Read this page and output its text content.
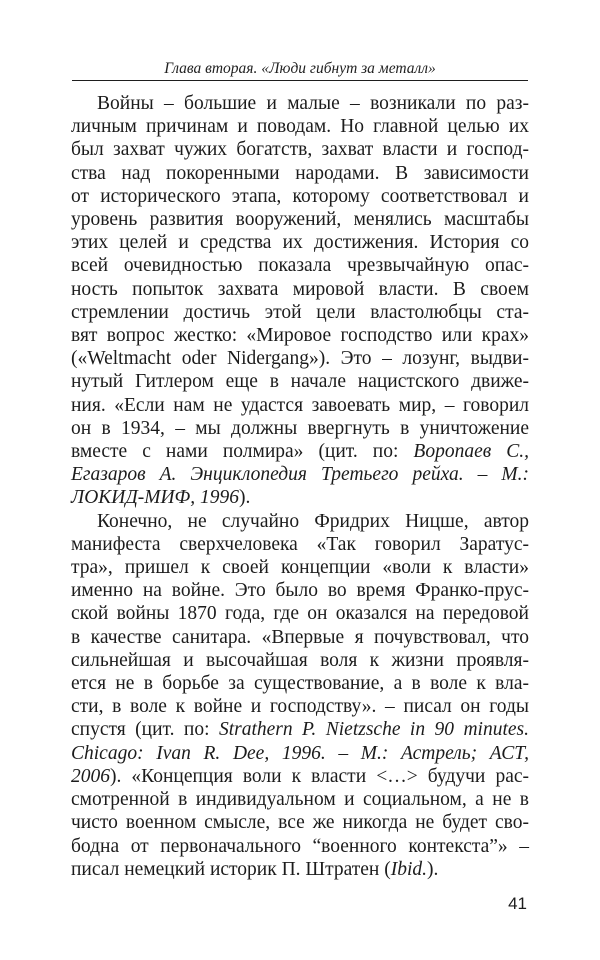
Глава вторая. «Люди гибнут за металл»
Войны – большие и малые – возникали по раз-
личным причинам и поводам. Но главной целью их
был захват чужих богатств, захват власти и господ-
ства над покоренными народами. В зависимости
от исторического этапа, которому соответствовал и
уровень развития вооружений, менялись масштабы
этих целей и средства их достижения. История со
всей очевидностью показала чрезвычайную опас-
ность попыток захвата мировой власти. В своем
стремлении достичь этой цели властолюбцы ста-
вят вопрос жестко: «Мировое господство или крах»
(«Weltmacht oder Nidergang»). Это – лозунг, выдви-
нутый Гитлером еще в начале нацистского движе-
ния. «Если нам не удастся завоевать мир, – говорил
он в 1934, – мы должны ввергнуть в уничтожение
вместе с нами полмира» (цит. по: Воропаев С.,
Егазаров А. Энциклопедия Третьего рейха. – М.:
ЛОКИД-МИФ, 1996).
Конечно, не случайно Фридрих Ницше, автор
манифеста сверхчеловека «Так говорил Заратус-
тра», пришел к своей концепции «воли к власти»
именно на войне. Это было во время Франко-прус-
ской войны 1870 года, где он оказался на передовой
в качестве санитара. «Впервые я почувствовал, что
сильнейшая и высочайшая воля к жизни проявля-
ется не в борьбе за существование, а в воле к вла-
сти, в воле к войне и господству». – писал он годы
спустя (цит. по: Strathern P. Nietzsche in 90 minutes.
Chicago: Ivan R. Dee, 1996. – М.: Астрель; АСТ,
2006). «Концепция воли к власти <…> будучи рас-
смотренной в индивидуальном и социальном, а не в
чисто военном смысле, все же никогда не будет сво-
бодна от первоначального “военного контекста”» –
писал немецкий историк П. Штратен (Ibid.).
41
